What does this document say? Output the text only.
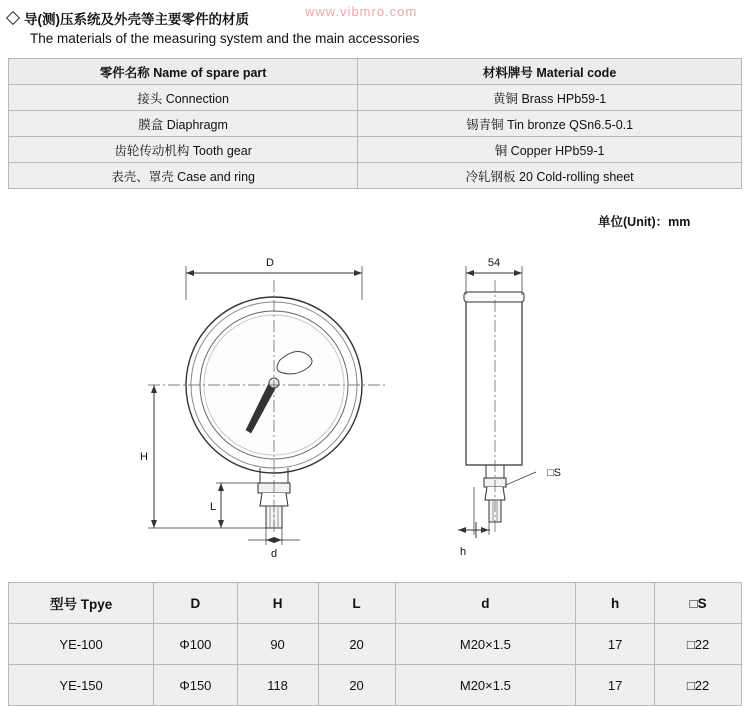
www.vibmro.com
导(测)压系统及外壳等主要零件的材质
The materials of the measuring system and the main accessories
零件名称 Name of spare part	材料牌号 Material code
接头 Connection	黄铜 Brass HPb59-1
膜盒 Diaphragm	锡青铜 Tin bronze QSn6.5-0.1
齿轮传动机构 Tooth gear	铜 Copper HPb59-1
表壳、罩壳 Case and ring	冷轧钢板 20 Cold-rolling sheet
单位(Unit)：mm
D
H
L
d
54
h
□S
型号 Tpye	D	H	L	d	h	□S
YE-100	Φ100	90	20	M20×1.5	17	□22
YE-150	Φ150	118	20	M20×1.5	17	□22
